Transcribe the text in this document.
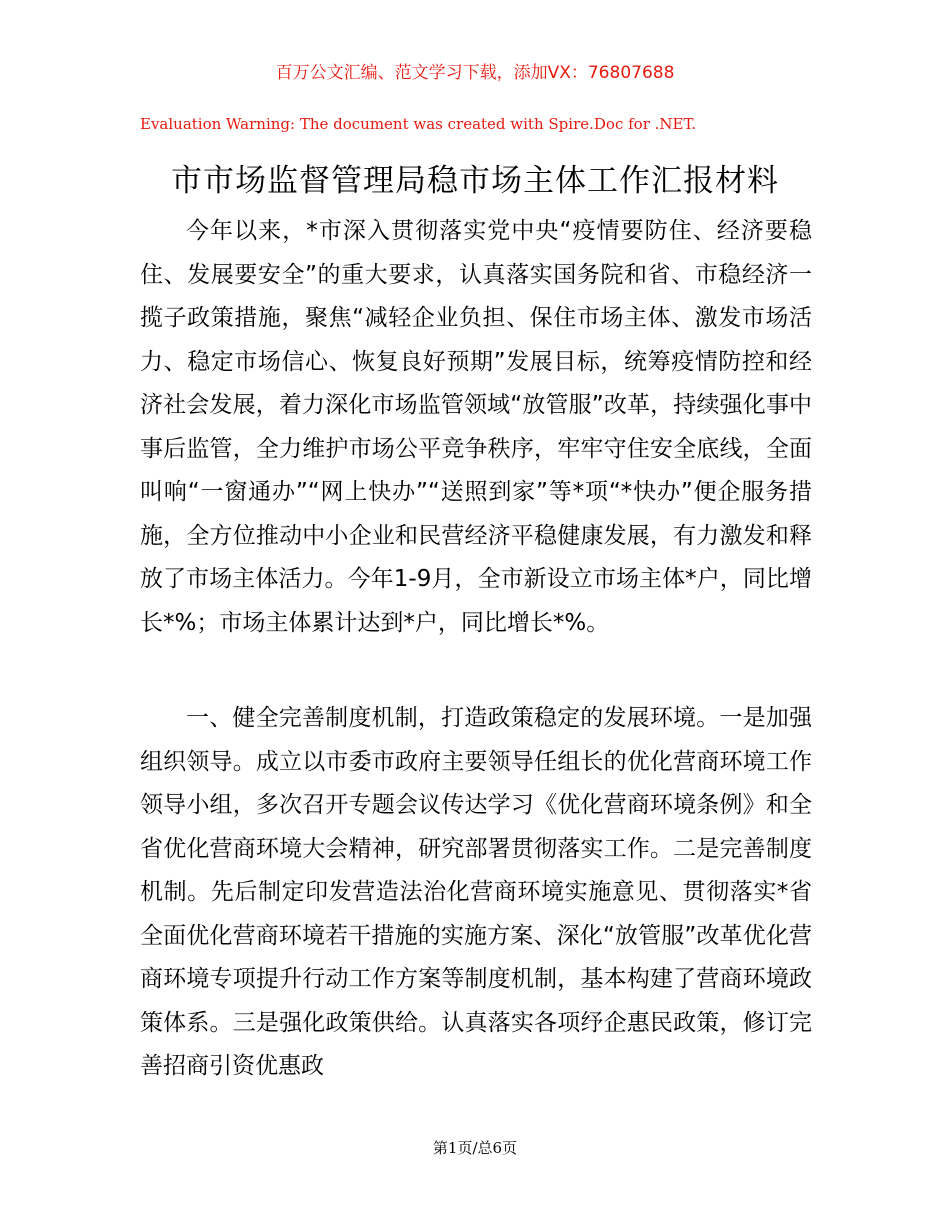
百万公文汇编、范文学习下载，添加VX：76807688
Evaluation Warning: The document was created with Spire.Doc for .NET.
市市场监督管理局稳市场主体工作汇报材料

今年以来，*市深入贯彻落实党中央“疫情要防住、经济要稳住、发展要安全”的重大要求，认真落实国务院和省、市稳经济一揽子政策措施，聚焦“减轻企业负担、保住市场主体、激发市场活力、稳定市场信心、恢复良好预期”发展目标，统筹疫情防控和经济社会发展，着力深化市场监管领域“放管服”改革，持续强化事中事后监管，全力维护市场公平竞争秩序，牢牢守住安全底线，全面叫响“一窗通办”“网上快办”“送照到家”等*项“*快办”便企服务措施，全方位推动中小企业和民营经济平稳健康发展，有力激发和释放了市场主体活力。今年1-9月，全市新设立市场主体*户，同比增长*%；市场主体累计达到*户，同比增长*%。

一、健全完善制度机制，打造政策稳定的发展环境。一是加强组织领导。成立以市委市政府主要领导任组长的优化营商环境工作领导小组，多次召开专题会议传达学习《优化营商环境条例》和全省优化营商环境大会精神，研究部署贯彻落实工作。二是完善制度机制。先后制定印发营造法治化营商环境实施意见、贯彻落实*省全面优化营商环境若干措施的实施方案、深化“放管服”改革优化营商环境专项提升行动工作方案等制度机制，基本构建了营商环境政策体系。三是强化政策供给。认真落实各项纾企惠民政策，修订完善招商引资优惠政

第1页/总6页
